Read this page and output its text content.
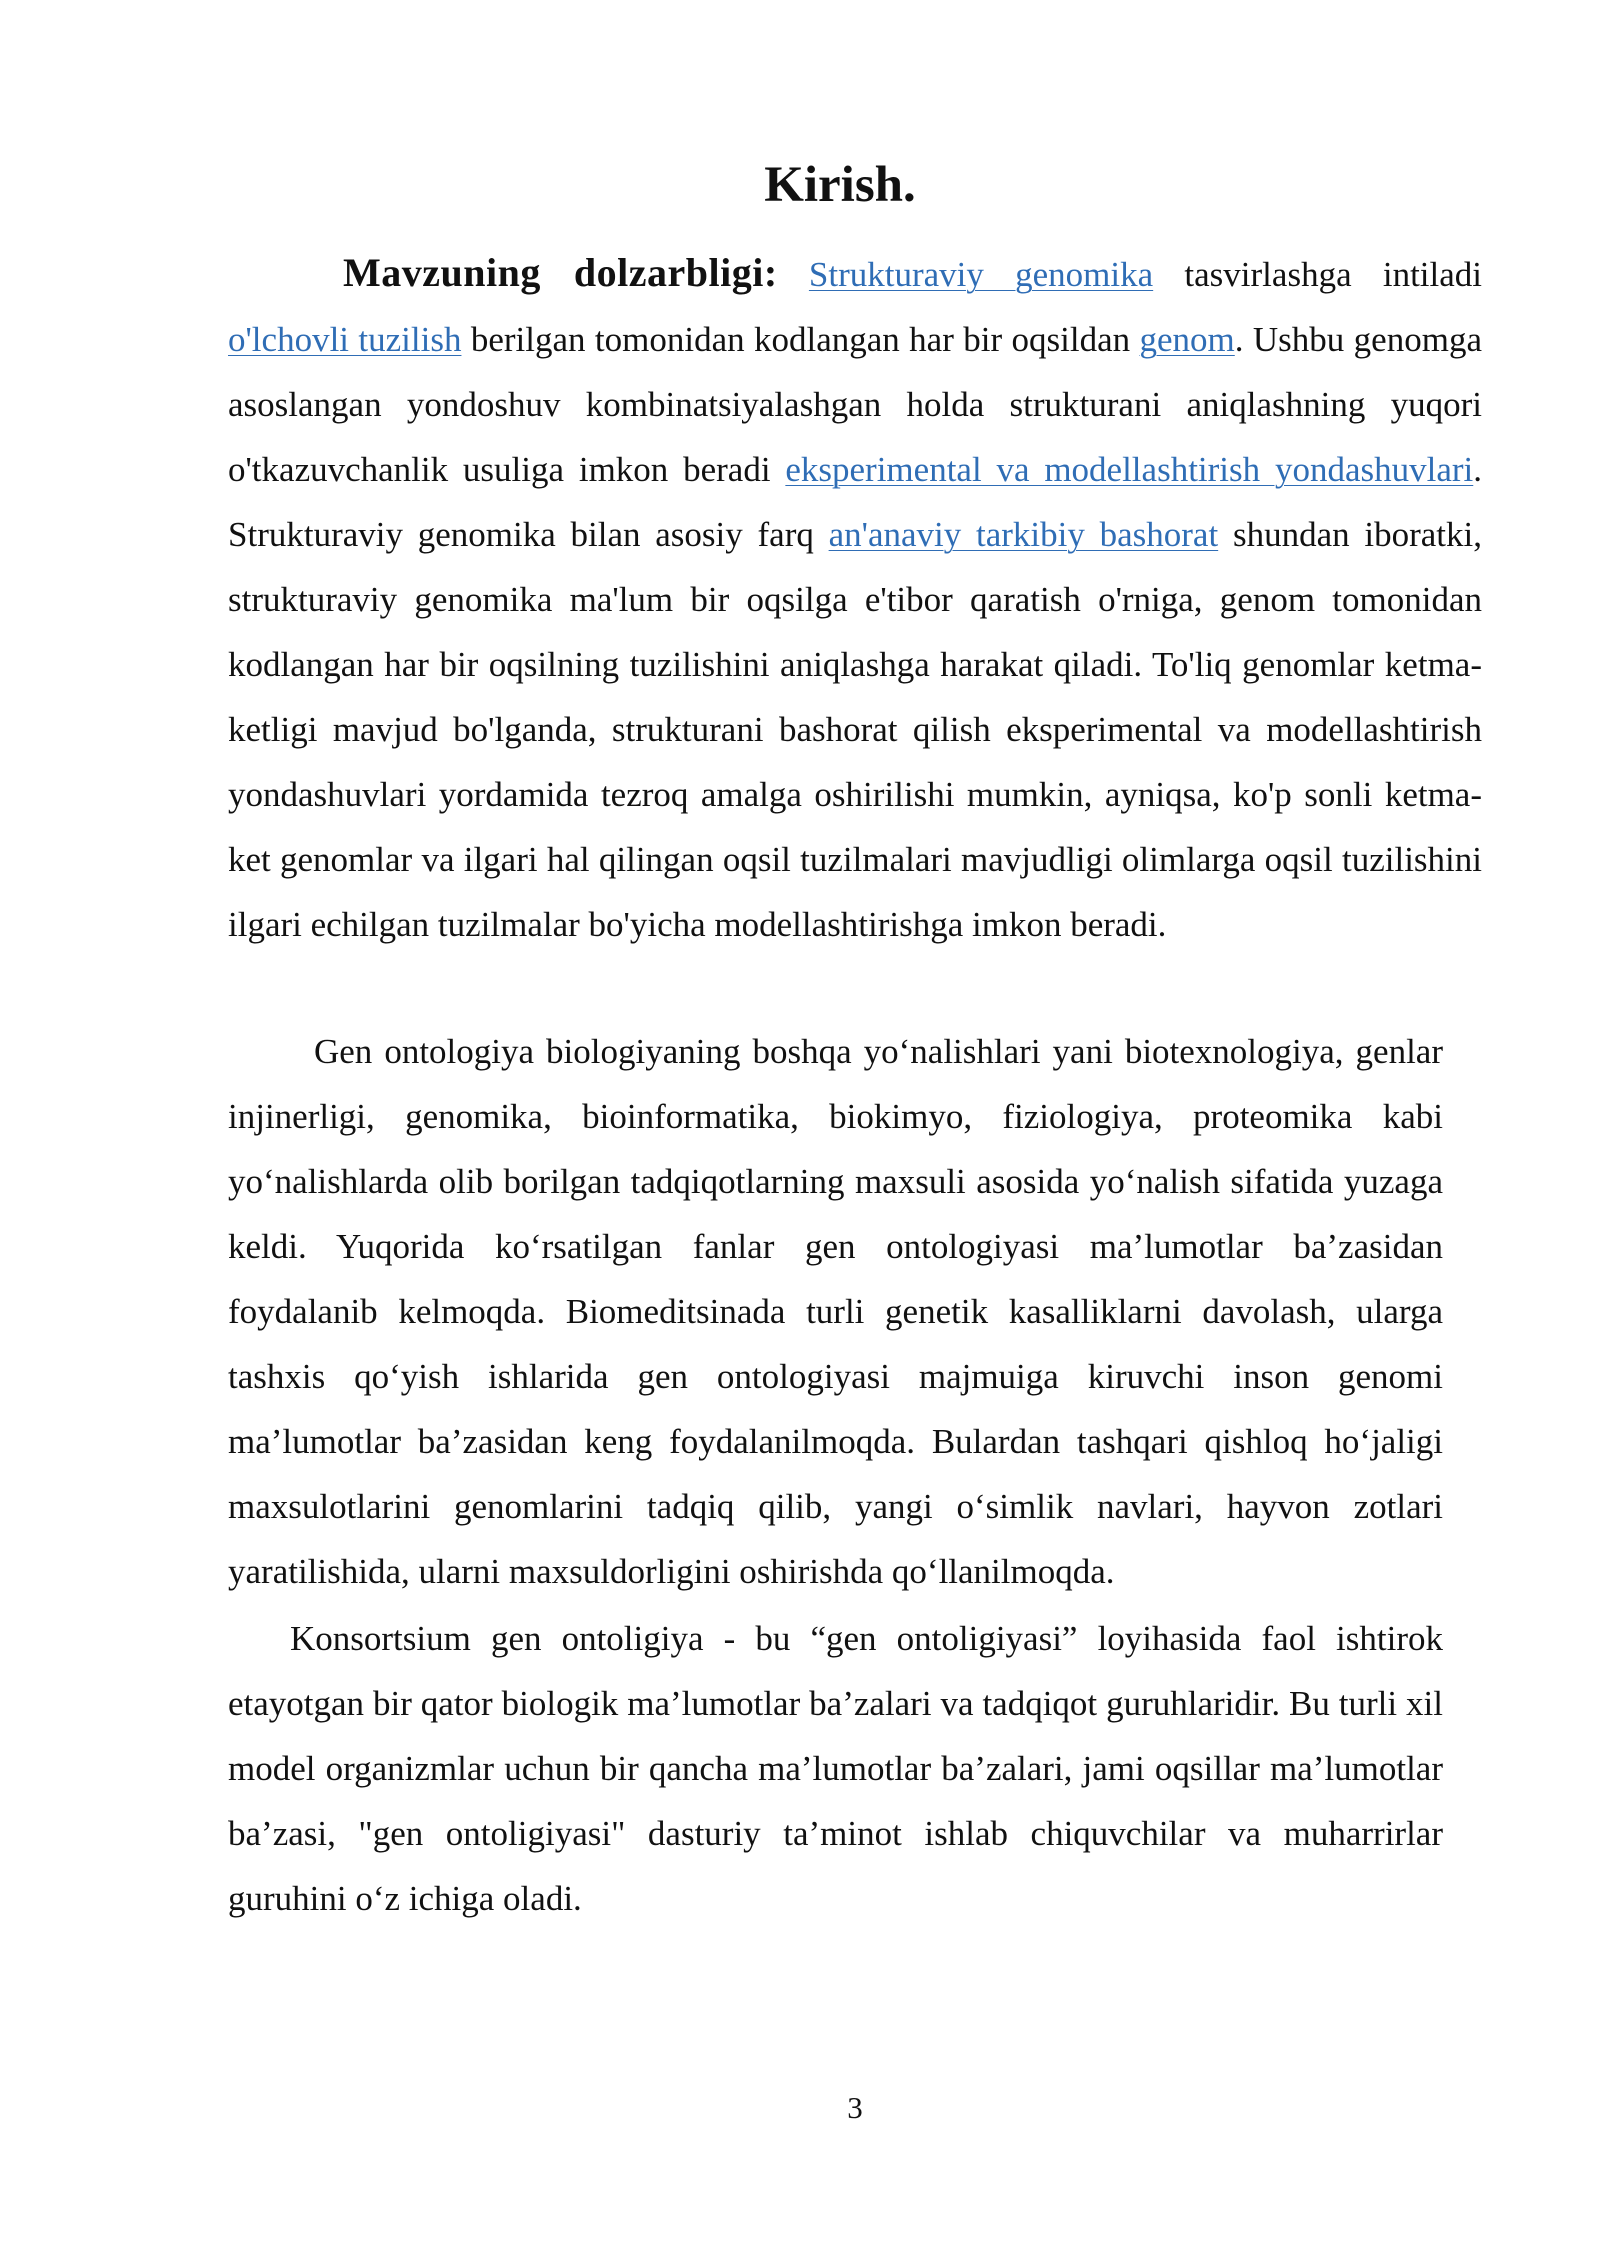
Kirish.

Mavzuning dolzarbligi: Strukturaviy genomika tasvirlashga intiladi o'lchovli tuzilish berilgan tomonidan kodlangan har bir oqsildan genom. Ushbu genomga asoslangan yondoshuv kombinatsiyalashgan holda strukturani aniqlashning yuqori o'tkazuvchanlik usuliga imkon beradi eksperimental va modellashtirish yondashuvlari. Strukturaviy genomika bilan asosiy farq an'anaviy tarkibiy bashorat shundan iboratki, strukturaviy genomika ma'lum bir oqsilga e'tibor qaratish o'rniga, genom tomonidan kodlangan har bir oqsilning tuzilishini aniqlashga harakat qiladi. To'liq genomlar ketma-ketligi mavjud bo'lganda, strukturani bashorat qilish eksperimental va modellashtirish yondashuvlari yordamida tezroq amalga oshirilishi mumkin, ayniqsa, ko'p sonli ketma-ket genomlar va ilgari hal qilingan oqsil tuzilmalari mavjudligi olimlarga oqsil tuzilishini ilgari echilgan tuzilmalar bo'yicha modellashtirishga imkon beradi.

Gen ontologiya biologiyaning boshqa yo‘nalishlari yani biotexnologiya, genlar injinerligi, genomika, bioinformatika, biokimyo, fiziologiya, proteomika kabi yo‘nalishlarda olib borilgan tadqiqotlarning maxsuli asosida yo‘nalish sifatida yuzaga keldi. Yuqorida ko‘rsatilgan fanlar gen ontologiyasi ma’lumotlar ba’zasidan foydalanib kelmoqda. Biomeditsinada turli genetik kasalliklarni davolash, ularga tashxis qo‘yish ishlarida gen ontologiyasi majmuiga kiruvchi inson genomi ma’lumotlar ba’zasidan keng foydalanilmoqda. Bulardan tashqari qishloq ho‘jaligi maxsulotlarini genomlarini tadqiq qilib, yangi o‘simlik navlari, hayvon zotlari yaratilishida, ularni maxsuldorligini oshirishda qo‘llanilmoqda.

Konsortsium gen ontoligiya - bu “gen ontoligiyasi” loyihasida faol ishtirok etayotgan bir qator biologik ma’lumotlar ba’zalari va tadqiqot guruhlaridir. Bu turli xil model organizmlar uchun bir qancha ma’lumotlar ba’zalari, jami oqsillar ma’lumotlar ba’zasi, "gen ontoligiyasi" dasturiy ta’minot ishlab chiquvchilar va muharrirlar guruhini o‘z ichiga oladi.

3
